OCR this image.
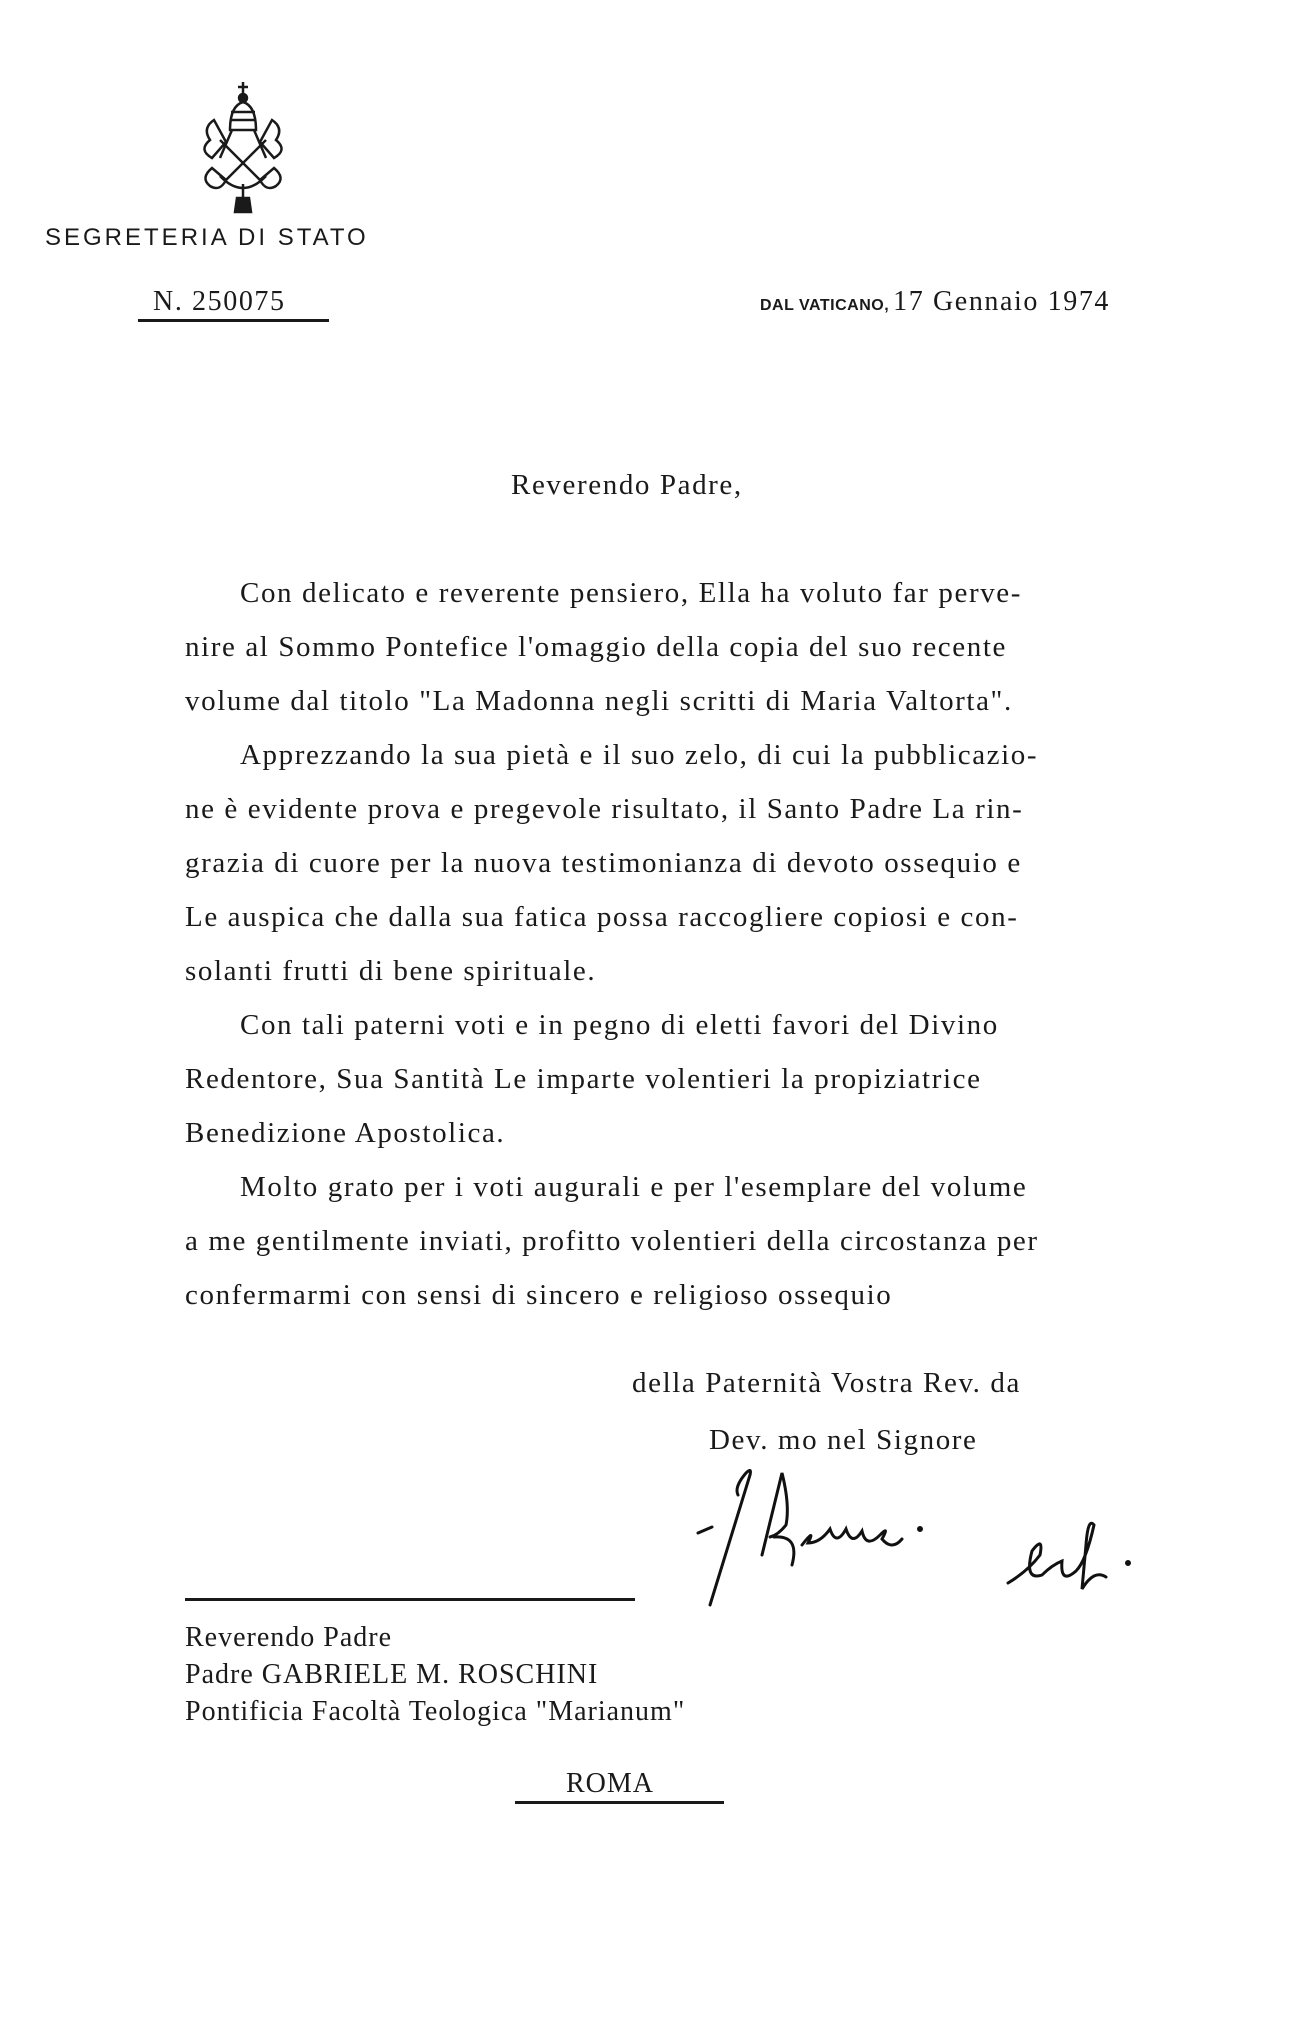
SEGRETERIA DI STATO
N. 250075	DAL VATICANO, 17 Gennaio 1974
Reverendo Padre,
Con delicato e reverente pensiero, Ella ha voluto far perve-
nire al Sommo Pontefice l'omaggio della copia del suo recente
volume dal titolo "La Madonna negli scritti di Maria Valtorta".
Apprezzando la sua pietà e il suo zelo, di cui la pubblicazio-
ne è evidente prova e pregevole risultato, il Santo Padre La rin-
grazia di cuore per la nuova testimonianza di devoto ossequio e
Le auspica che dalla sua fatica possa raccogliere copiosi e con-
solanti frutti di bene spirituale.
Con tali paterni voti e in pegno di eletti favori del Divino
Redentore, Sua Santità Le imparte volentieri la propiziatrice
Benedizione Apostolica.
Molto grato per i voti augurali e per l'esemplare del volume
a me gentilmente inviati, profitto volentieri della circostanza per
confermarmi con sensi di sincero e religioso ossequio
della Paternità Vostra Rev. da
Dev. mo nel Signore
Reverendo Padre
Padre GABRIELE M. ROSCHINI
Pontificia Facoltà Teologica "Marianum"
ROMA
